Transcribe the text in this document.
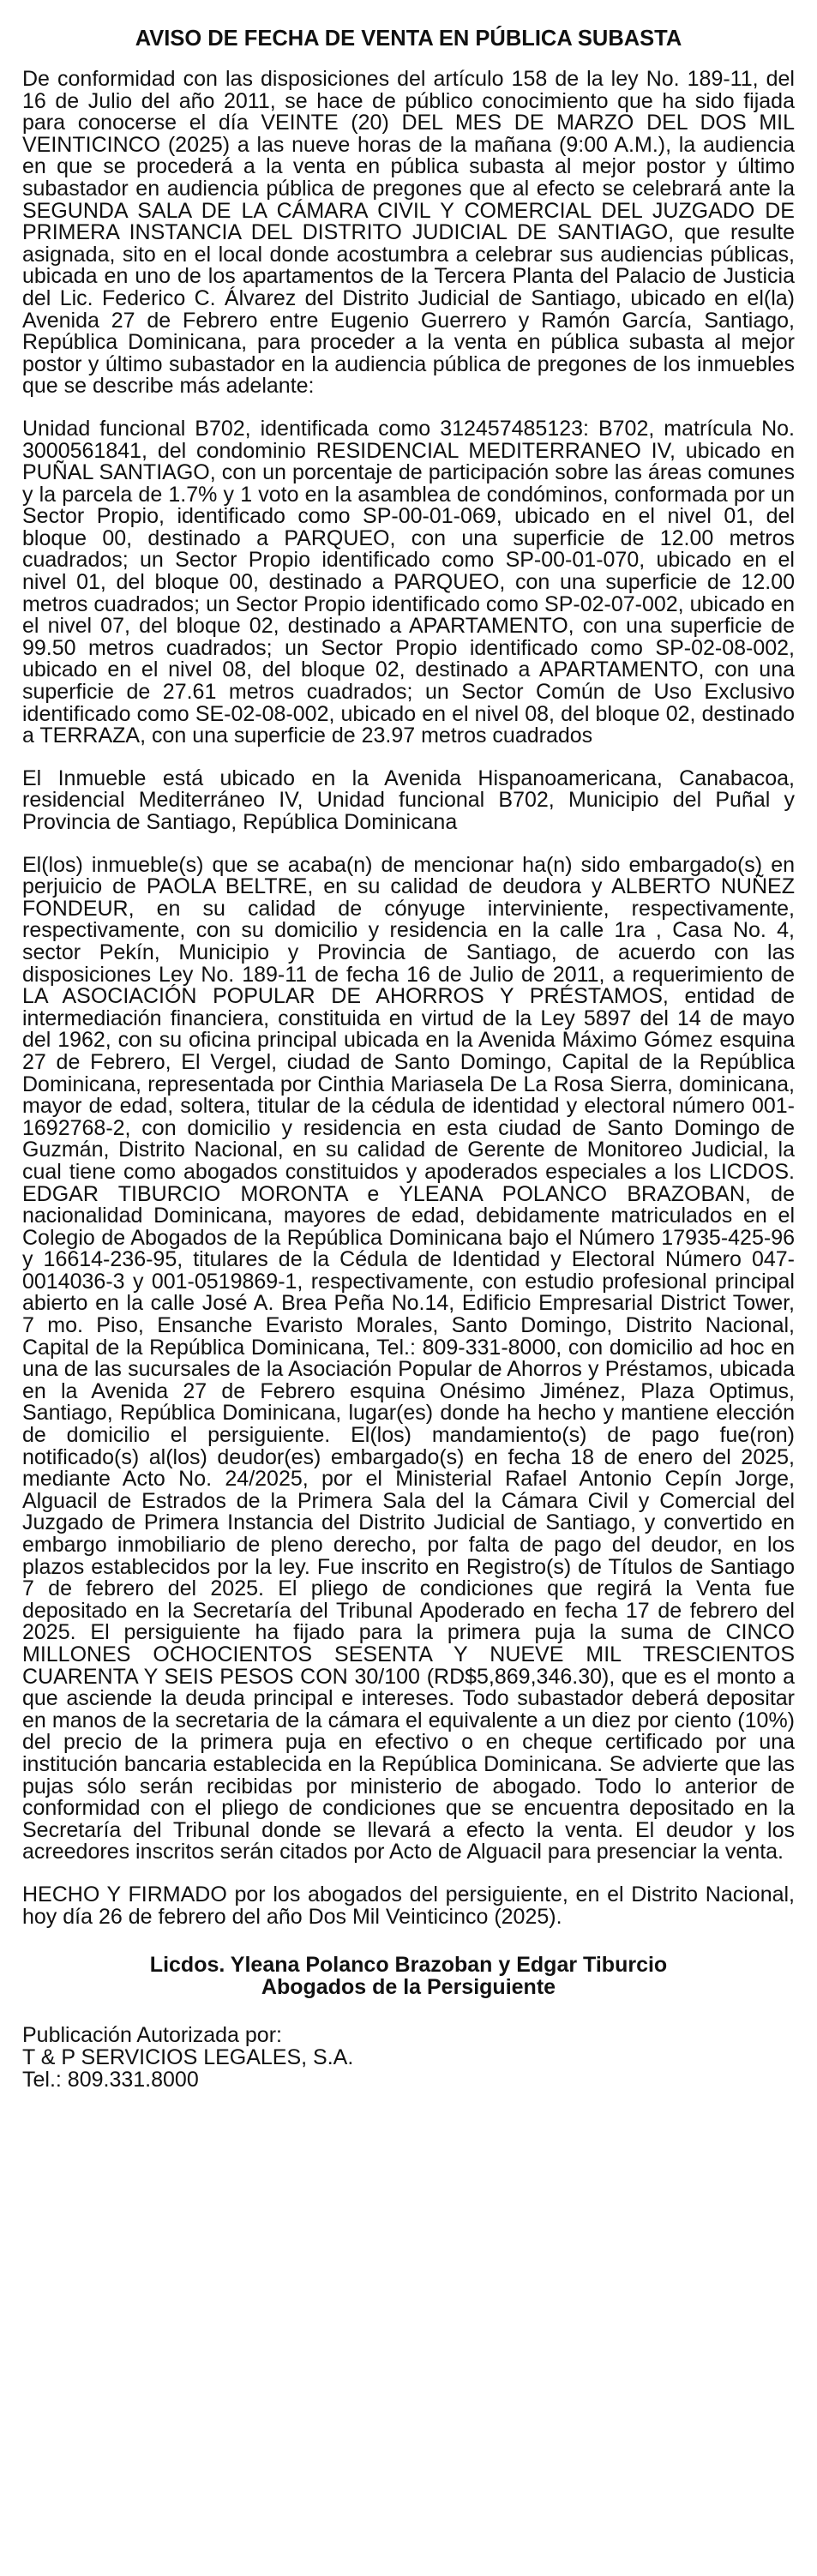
AVISO DE FECHA DE VENTA EN PÚBLICA SUBASTA

De conformidad con las disposiciones del artículo 158 de la ley No. 189-11, del 16 de Julio del año 2011, se hace de público conocimiento que ha sido fijada para conocerse el día VEINTE (20) DEL MES DE MARZO DEL DOS MIL VEINTICINCO (2025) a las nueve horas de la mañana (9:00 A.M.), la audiencia en que se procederá a la venta en pública subasta al mejor postor y último subastador en audiencia pública de pregones que al efecto se celebrará ante la SEGUNDA SALA DE LA CÁMARA CIVIL Y COMERCIAL DEL JUZGADO DE PRIMERA INSTANCIA DEL DISTRITO JUDICIAL DE SANTIAGO, que resulte asignada, sito en el local donde acostumbra a celebrar sus audiencias públicas, ubicada en uno de los apartamentos de la Tercera Planta del Palacio de Justicia del Lic. Federico C. Álvarez del Distrito Judicial de Santiago, ubicado en el(la) Avenida 27 de Febrero entre Eugenio Guerrero y Ramón García, Santiago, República Dominicana, para proceder a la venta en pública subasta al mejor postor y último subastador en la audiencia pública de pregones de los inmuebles que se describe más adelante:

Unidad funcional B702, identificada como 312457485123: B702, matrícula No. 3000561841, del condominio RESIDENCIAL MEDITERRANEO IV, ubicado en PUÑAL SANTIAGO, con un porcentaje de participación sobre las áreas comunes y la parcela de 1.7% y 1 voto en la asamblea de condóminos, conformada por un Sector Propio, identificado como SP-00-01-069, ubicado en el nivel 01, del bloque 00, destinado a PARQUEO, con una superficie de 12.00 metros cuadrados; un Sector Propio identificado como SP-00-01-070, ubicado en el nivel 01, del bloque 00, destinado a PARQUEO, con una superficie de 12.00 metros cuadrados; un Sector Propio identificado como SP-02-07-002, ubicado en el nivel 07, del bloque 02, destinado a APARTAMENTO, con una superficie de 99.50 metros cuadrados; un Sector Propio identificado como SP-02-08-002, ubicado en el nivel 08, del bloque 02, destinado a APARTAMENTO, con una superficie de 27.61 metros cuadrados; un Sector Común de Uso Exclusivo identificado como SE-02-08-002, ubicado en el nivel 08, del bloque 02, destinado a TERRAZA, con una superficie de 23.97 metros cuadrados

El Inmueble está ubicado en la Avenida Hispanoamericana, Canabacoa, residencial Mediterráneo IV, Unidad funcional B702, Municipio del Puñal y Provincia de Santiago, República Dominicana

El(los) inmueble(s) que se acaba(n) de mencionar ha(n) sido embargado(s) en perjuicio de PAOLA BELTRE, en su calidad de deudora y ALBERTO NUÑEZ FONDEUR, en su calidad de cónyuge interviniente, respectivamente, respectivamente, con su domicilio y residencia en la calle 1ra , Casa No. 4, sector Pekín, Municipio y Provincia de Santiago, de acuerdo con las disposiciones Ley No. 189-11 de fecha 16 de Julio de 2011, a requerimiento de LA ASOCIACIÓN POPULAR DE AHORROS Y PRÉSTAMOS, entidad de intermediación financiera, constituida en virtud de la Ley 5897 del 14 de mayo del 1962, con su oficina principal ubicada en la Avenida Máximo Gómez esquina 27 de Febrero, El Vergel, ciudad de Santo Domingo, Capital de la República Dominicana, representada por Cinthia Mariasela De La Rosa Sierra, dominicana, mayor de edad, soltera, titular de la cédula de identidad y electoral número 001-1692768-2, con domicilio y residencia en esta ciudad de Santo Domingo de Guzmán, Distrito Nacional, en su calidad de Gerente de Monitoreo Judicial, la cual tiene como abogados constituidos y apoderados especiales a los LICDOS. EDGAR TIBURCIO MORONTA e YLEANA POLANCO BRAZOBAN, de nacionalidad Dominicana, mayores de edad, debidamente matriculados en el Colegio de Abogados de la República Dominicana bajo el Número 17935-425-96 y 16614-236-95, titulares de la Cédula de Identidad y Electoral Número 047-0014036-3 y 001-0519869-1, respectivamente, con estudio profesional principal abierto en la calle José A. Brea Peña No.14, Edificio Empresarial District Tower, 7 mo. Piso, Ensanche Evaristo Morales, Santo Domingo, Distrito Nacional, Capital de la República Dominicana, Tel.: 809-331-8000, con domicilio ad hoc en una de las sucursales de la Asociación Popular de Ahorros y Préstamos, ubicada en la Avenida 27 de Febrero esquina Onésimo Jiménez, Plaza Optimus, Santiago, República Dominicana, lugar(es) donde ha hecho y mantiene elección de domicilio el persiguiente. El(los) mandamiento(s) de pago fue(ron) notificado(s) al(los) deudor(es) embargado(s) en fecha 18 de enero del 2025, mediante Acto No. 24/2025, por el Ministerial Rafael Antonio Cepín Jorge, Alguacil de Estrados de la Primera Sala del la Cámara Civil y Comercial del Juzgado de Primera Instancia del Distrito Judicial de Santiago, y convertido en embargo inmobiliario de pleno derecho, por falta de pago del deudor, en los plazos establecidos por la ley. Fue inscrito en Registro(s) de Títulos de Santiago 7 de febrero del 2025. El pliego de condiciones que regirá la Venta fue depositado en la Secretaría del Tribunal Apoderado en fecha 17 de febrero del 2025. El persiguiente ha fijado para la primera puja la suma de CINCO MILLONES OCHOCIENTOS SESENTA Y NUEVE MIL TRESCIENTOS CUARENTA Y SEIS PESOS CON 30/100 (RD$5,869,346.30), que es el monto a que asciende la deuda principal e intereses. Todo subastador deberá depositar en manos de la secretaria de la cámara el equivalente a un diez por ciento (10%) del precio de la primera puja en efectivo o en cheque certificado por una institución bancaria establecida en la República Dominicana. Se advierte que las pujas sólo serán recibidas por ministerio de abogado. Todo lo anterior de conformidad con el pliego de condiciones que se encuentra depositado en la Secretaría del Tribunal donde se llevará a efecto la venta. El deudor y los acreedores inscritos serán citados por Acto de Alguacil para presenciar la venta.

HECHO Y FIRMADO por los abogados del persiguiente, en el Distrito Nacional, hoy día 26 de febrero del año Dos Mil Veinticinco (2025).

Licdos. Yleana Polanco Brazoban y Edgar Tiburcio
Abogados de la Persiguiente
Publicación Autorizada por:
T & P SERVICIOS LEGALES, S.A.
Tel.: 809.331.8000
